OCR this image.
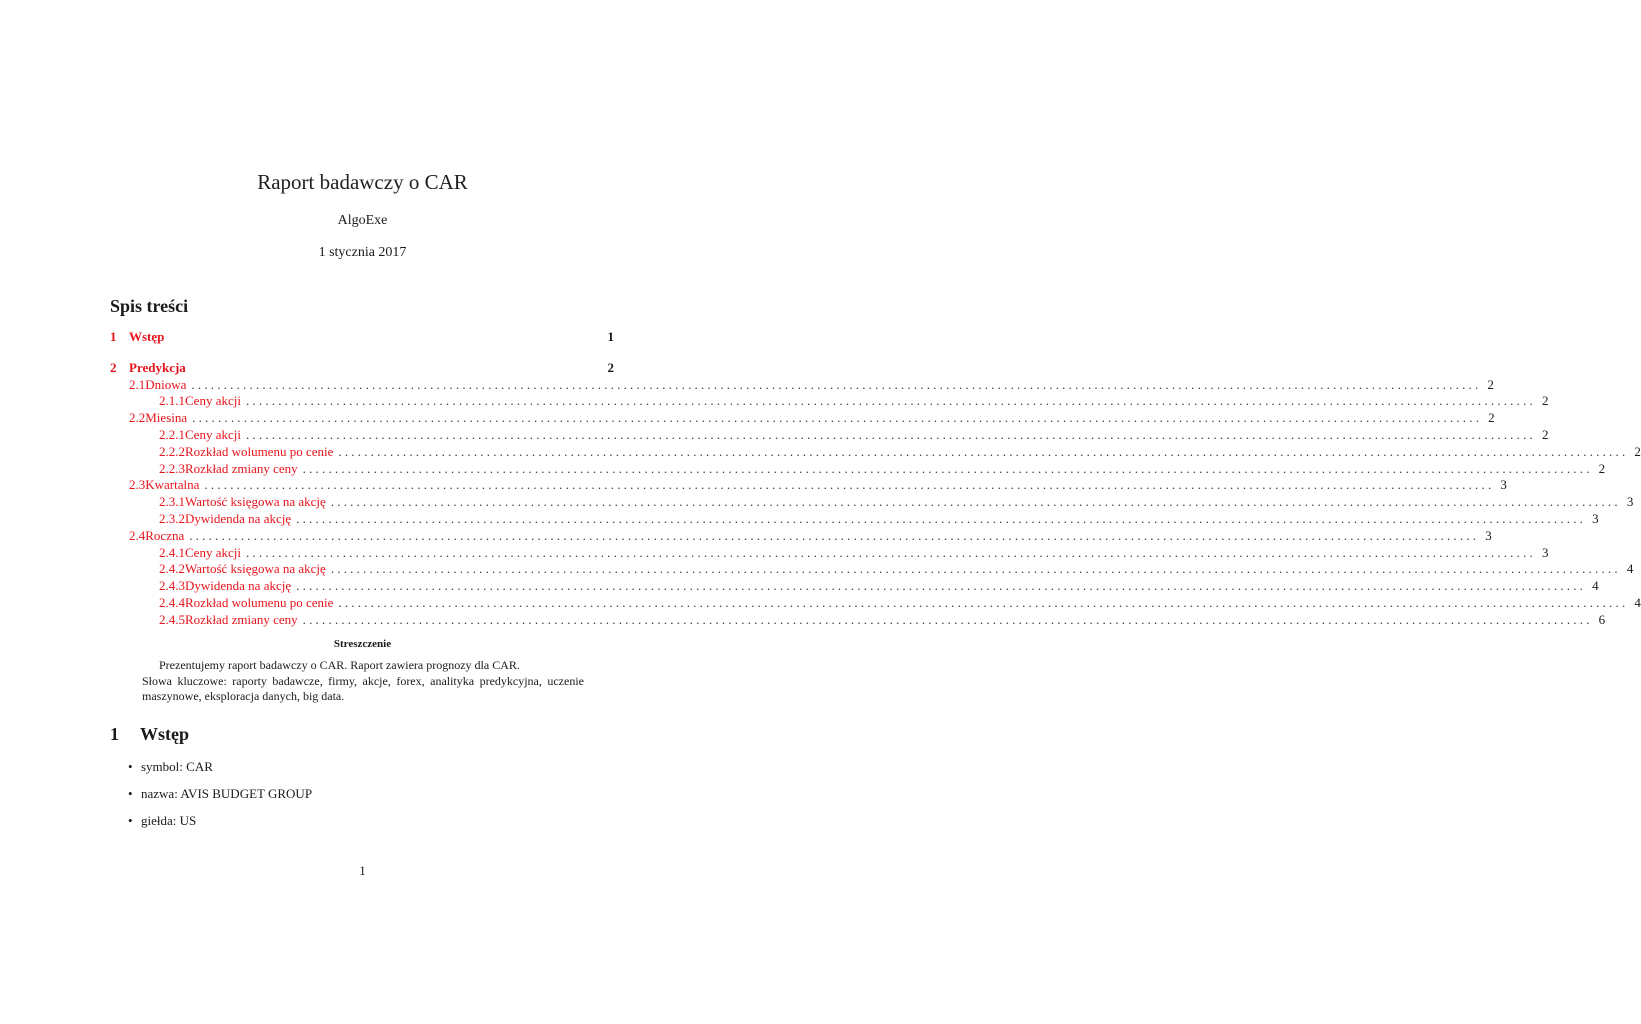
Raport badawczy o CAR
AlgoExe
1 stycznia 2017
Spis treści
1 Wstęp	1
2 Predykcja	2
2.1 Dniowa ........................................................................................................................................................................................................ 2
2.1.1 Ceny akcji ........................................................................................................................................................................................................ 2
2.2 Miesina ........................................................................................................................................................................................................ 2
2.2.1 Ceny akcji ........................................................................................................................................................................................................ 2
2.2.2 Rozkład wolumenu po cenie ........................................................................................................................................................................................................ 2
2.2.3 Rozkład zmiany ceny ........................................................................................................................................................................................................ 2
2.3 Kwartalna ........................................................................................................................................................................................................ 3
2.3.1 Wartość księgowa na akcję ........................................................................................................................................................................................................ 3
2.3.2 Dywidenda na akcję ........................................................................................................................................................................................................ 3
2.4 Roczna ........................................................................................................................................................................................................ 3
2.4.1 Ceny akcji ........................................................................................................................................................................................................ 3
2.4.2 Wartość księgowa na akcję ........................................................................................................................................................................................................ 4
2.4.3 Dywidenda na akcję ........................................................................................................................................................................................................ 4
2.4.4 Rozkład wolumenu po cenie ........................................................................................................................................................................................................ 4
2.4.5 Rozkład zmiany ceny ........................................................................................................................................................................................................ 6
Streszczenie

Prezentujemy raport badawczy o CAR. Raport zawiera prognozy dla CAR.

Słowa kluczowe: raporty badawcze, firmy, akcje, forex, analityka predykcyjna, uczenie maszynowe, eksploracja danych, big data.

1 Wstęp
• symbol: CAR
• nazwa: AVIS BUDGET GROUP
• giełda: US
1
